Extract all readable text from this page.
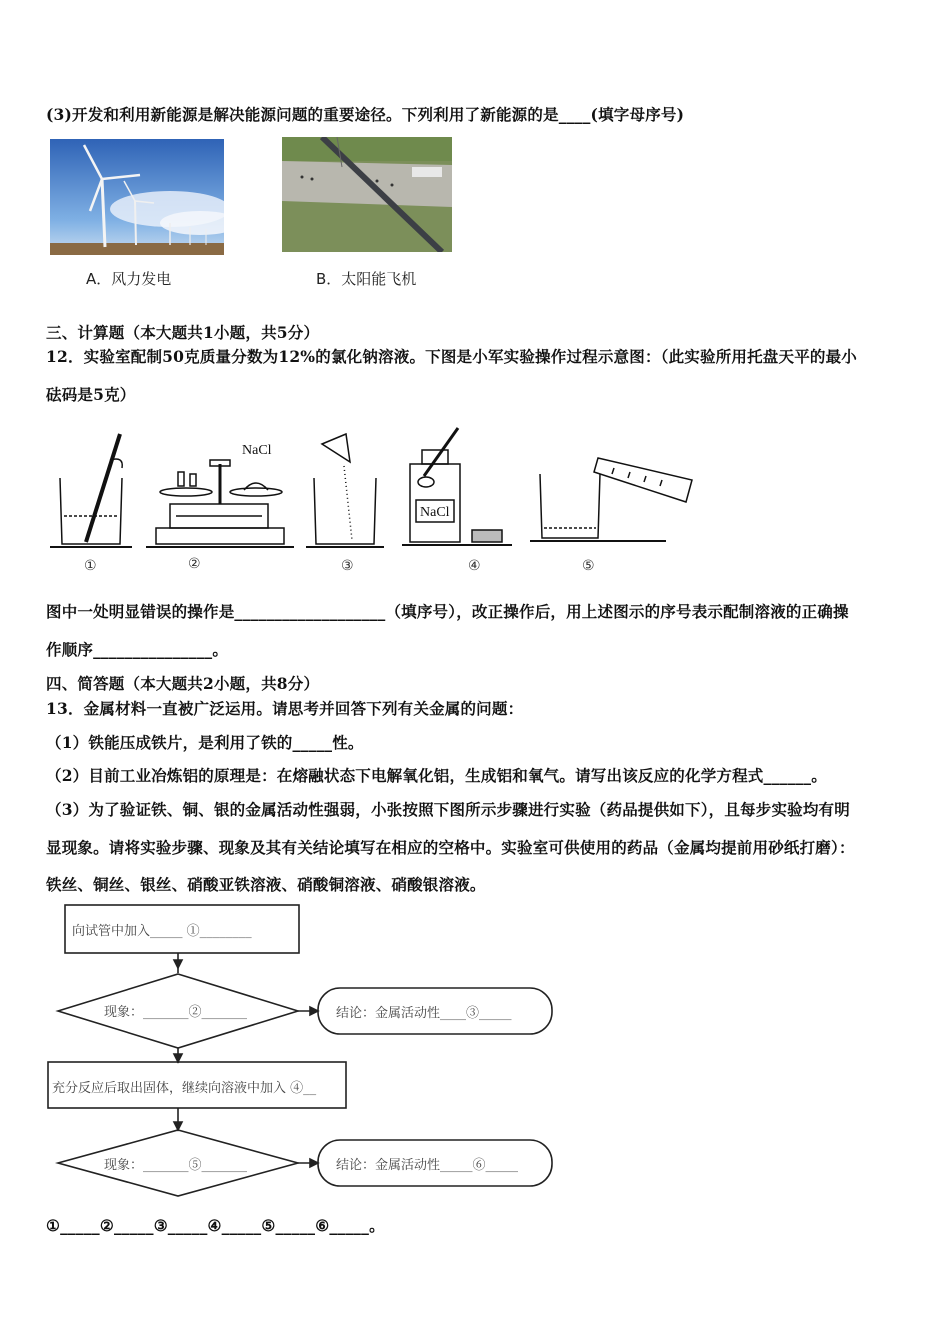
(3)开发和利用新能源是解决能源问题的重要途径。下列利用了新能源的是____(填字母序号)
A．风力发电	B．太阳能飞机
三、计算题（本大题共1小题，共5分）
12．实验室配制50克质量分数为12%的氯化钠溶液。下图是小军实验操作过程示意图：（此实验所用托盘天平的最小
砝码是5克）
NaCl
NaCl
①	②	③	④	⑤
图中一处明显错误的操作是___________________（填序号），改正操作后，用上述图示的序号表示配制溶液的正确操
作顺序_______________。
四、简答题（本大题共2小题，共8分）
13．金属材料一直被广泛运用。请思考并回答下列有关金属的问题：
（1）铁能压成铁片，是利用了铁的_____性。
（2）目前工业冶炼铝的原理是：在熔融状态下电解氧化铝，生成铝和氧气。请写出该反应的化学方程式______。
（3）为了验证铁、铜、银的金属活动性强弱，小张按照下图所示步骤进行实验（药品提供如下），且每步实验均有明
显现象。请将实验步骤、现象及其有关结论填写在相应的空格中。实验室可供使用的药品（金属均提前用砂纸打磨）：
铁丝、铜丝、银丝、硝酸亚铁溶液、硝酸铜溶液、硝酸银溶液。
向试管中加入_____ ①________
现象：_______②_______	结论：金属活动性____③_____
充分反应后取出固体，继续向溶液中加入 ④__
现象：_______⑤_______	结论：金属活动性_____⑥_____
①_____②_____③_____④_____⑤_____⑥_____。
